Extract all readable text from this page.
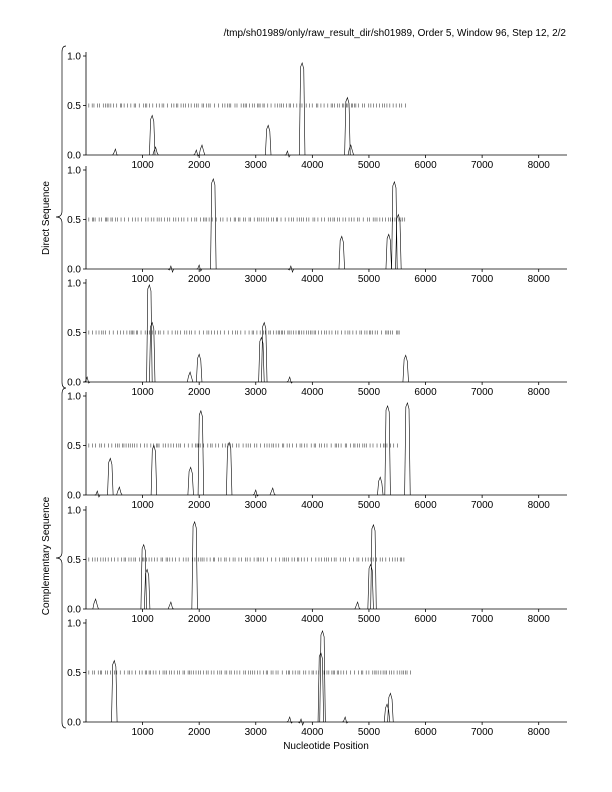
/tmp/sh01989/only/raw_result_dir/sh01989, Order 5, Window 96, Step 12, 2/2
Direct Sequence
Complementary Sequence
0.0
0.5
1.0
1000	2000	3000	4000	5000	6000	7000	8000
0.0
0.5
1.0
1000	2000	3000	4000	5000	6000	7000	8000
0.0
0.5
1.0
1000	2000	3000	4000	5000	6000	7000	8000
0.0
0.5
1.0
1000	2000	3000	4000	5000	6000	7000	8000
0.0
0.5
1.0
1000	2000	3000	4000	5000	6000	7000	8000
0.0
0.5
1.0
1000	2000	3000	4000	5000	6000	7000	8000
Nucleotide Position
